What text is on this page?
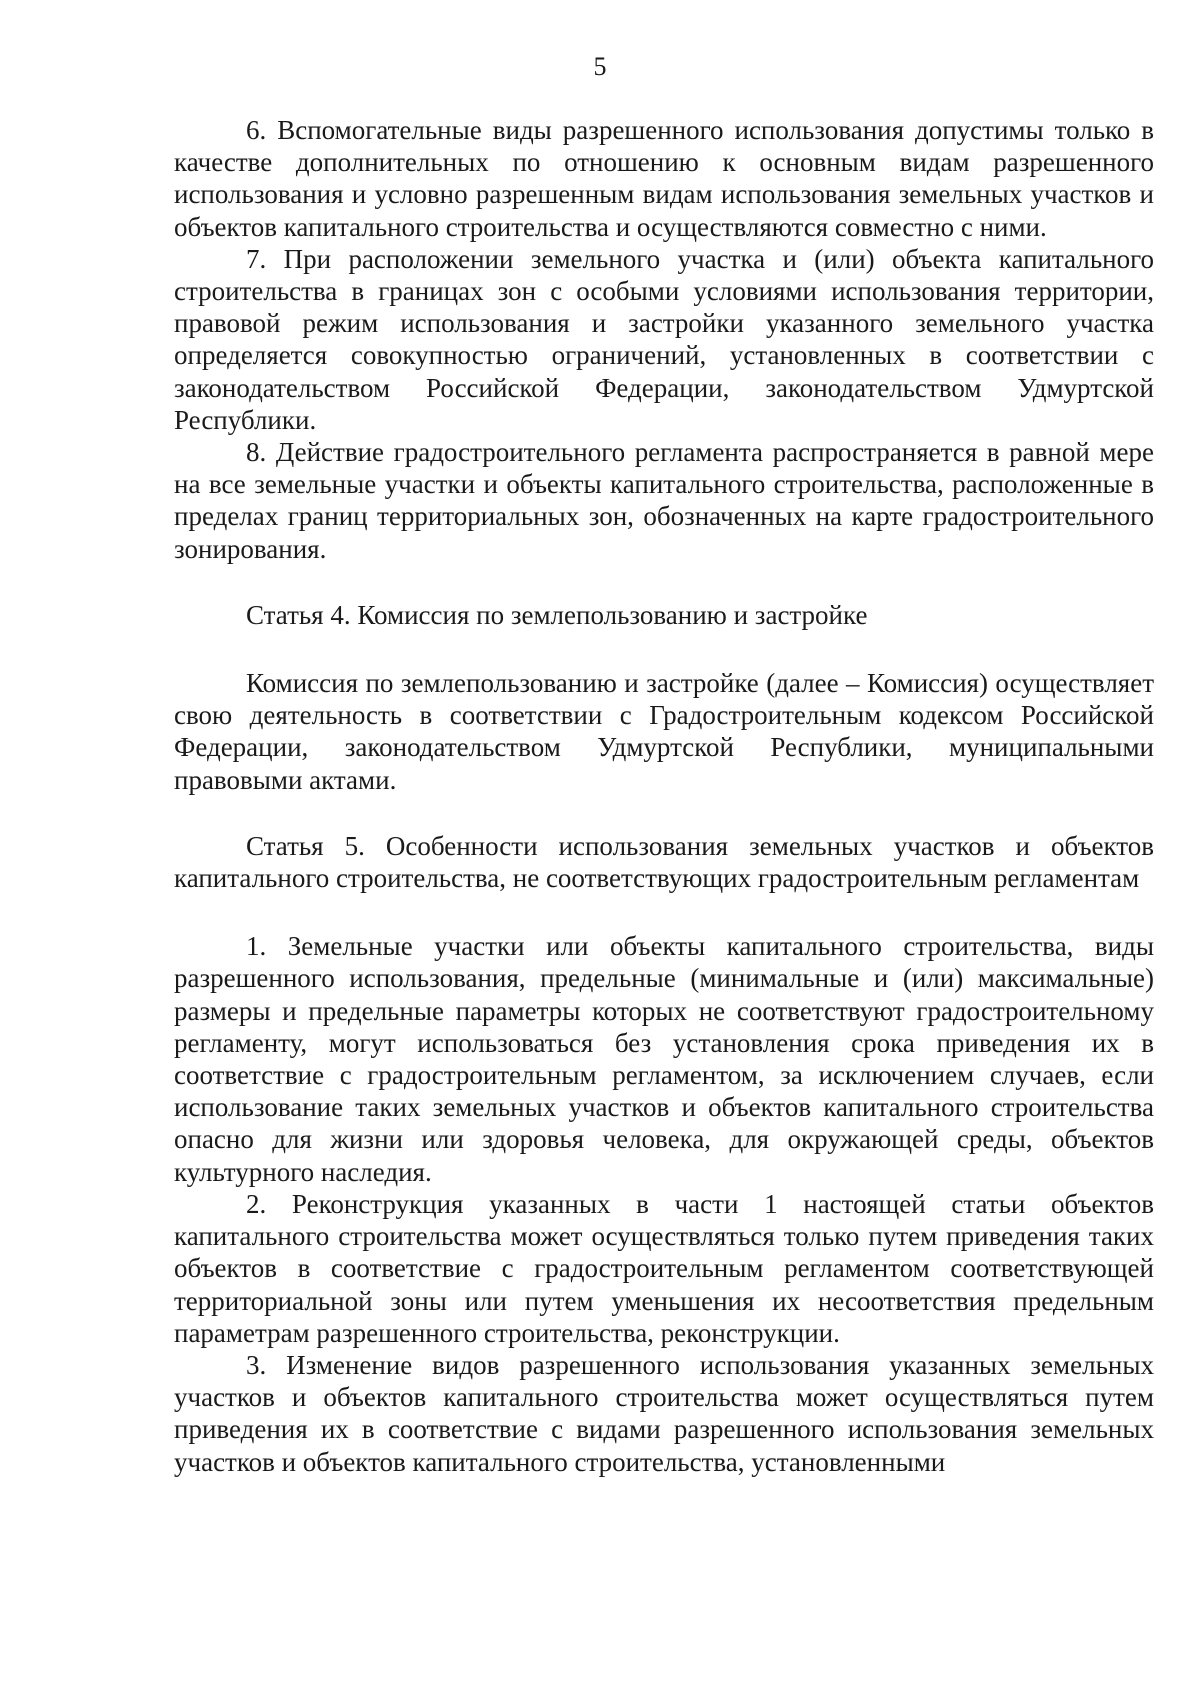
5

6. Вспомогательные виды разрешенного использования допустимы только в качестве дополнительных по отношению к основным видам разрешенного использования и условно разрешенным видам использования земельных участков и объектов капитального строительства и осуществляются совместно с ними.

7. При расположении земельного участка и (или) объекта капитального строительства в границах зон с особыми условиями использования территории, правовой режим использования и застройки указанного земельного участка определяется совокупностью ограничений, установленных в соответствии с законодательством Российской Федерации, законодательством Удмуртской Республики.

8. Действие градостроительного регламента распространяется в равной мере на все земельные участки и объекты капитального строительства, расположенные в пределах границ территориальных зон, обозначенных на карте градостроительного зонирования.

Статья 4. Комиссия по землепользованию и застройке

Комиссия по землепользованию и застройке (далее – Комиссия) осуществляет свою деятельность в соответствии с Градостроительным кодексом Российской Федерации, законодательством Удмуртской Республики, муниципальными правовыми актами.

Статья 5. Особенности использования земельных участков и объектов капитального строительства, не соответствующих градостроительным регламентам

1. Земельные участки или объекты капитального строительства, виды разрешенного использования, предельные (минимальные и (или) максимальные) размеры и предельные параметры которых не соответствуют градостроительному регламенту, могут использоваться без установления срока приведения их в соответствие с градостроительным регламентом, за исключением случаев, если использование таких земельных участков и объектов капитального строительства опасно для жизни или здоровья человека, для окружающей среды, объектов культурного наследия.

2. Реконструкция указанных в части 1 настоящей статьи объектов капитального строительства может осуществляться только путем приведения таких объектов в соответствие с градостроительным регламентом соответствующей территориальной зоны или путем уменьшения их несоответствия предельным параметрам разрешенного строительства, реконструкции.

3. Изменение видов разрешенного использования указанных земельных участков и объектов капитального строительства может осуществляться путем приведения их в соответствие с видами разрешенного использования земельных участков и объектов капитального строительства, установленными
